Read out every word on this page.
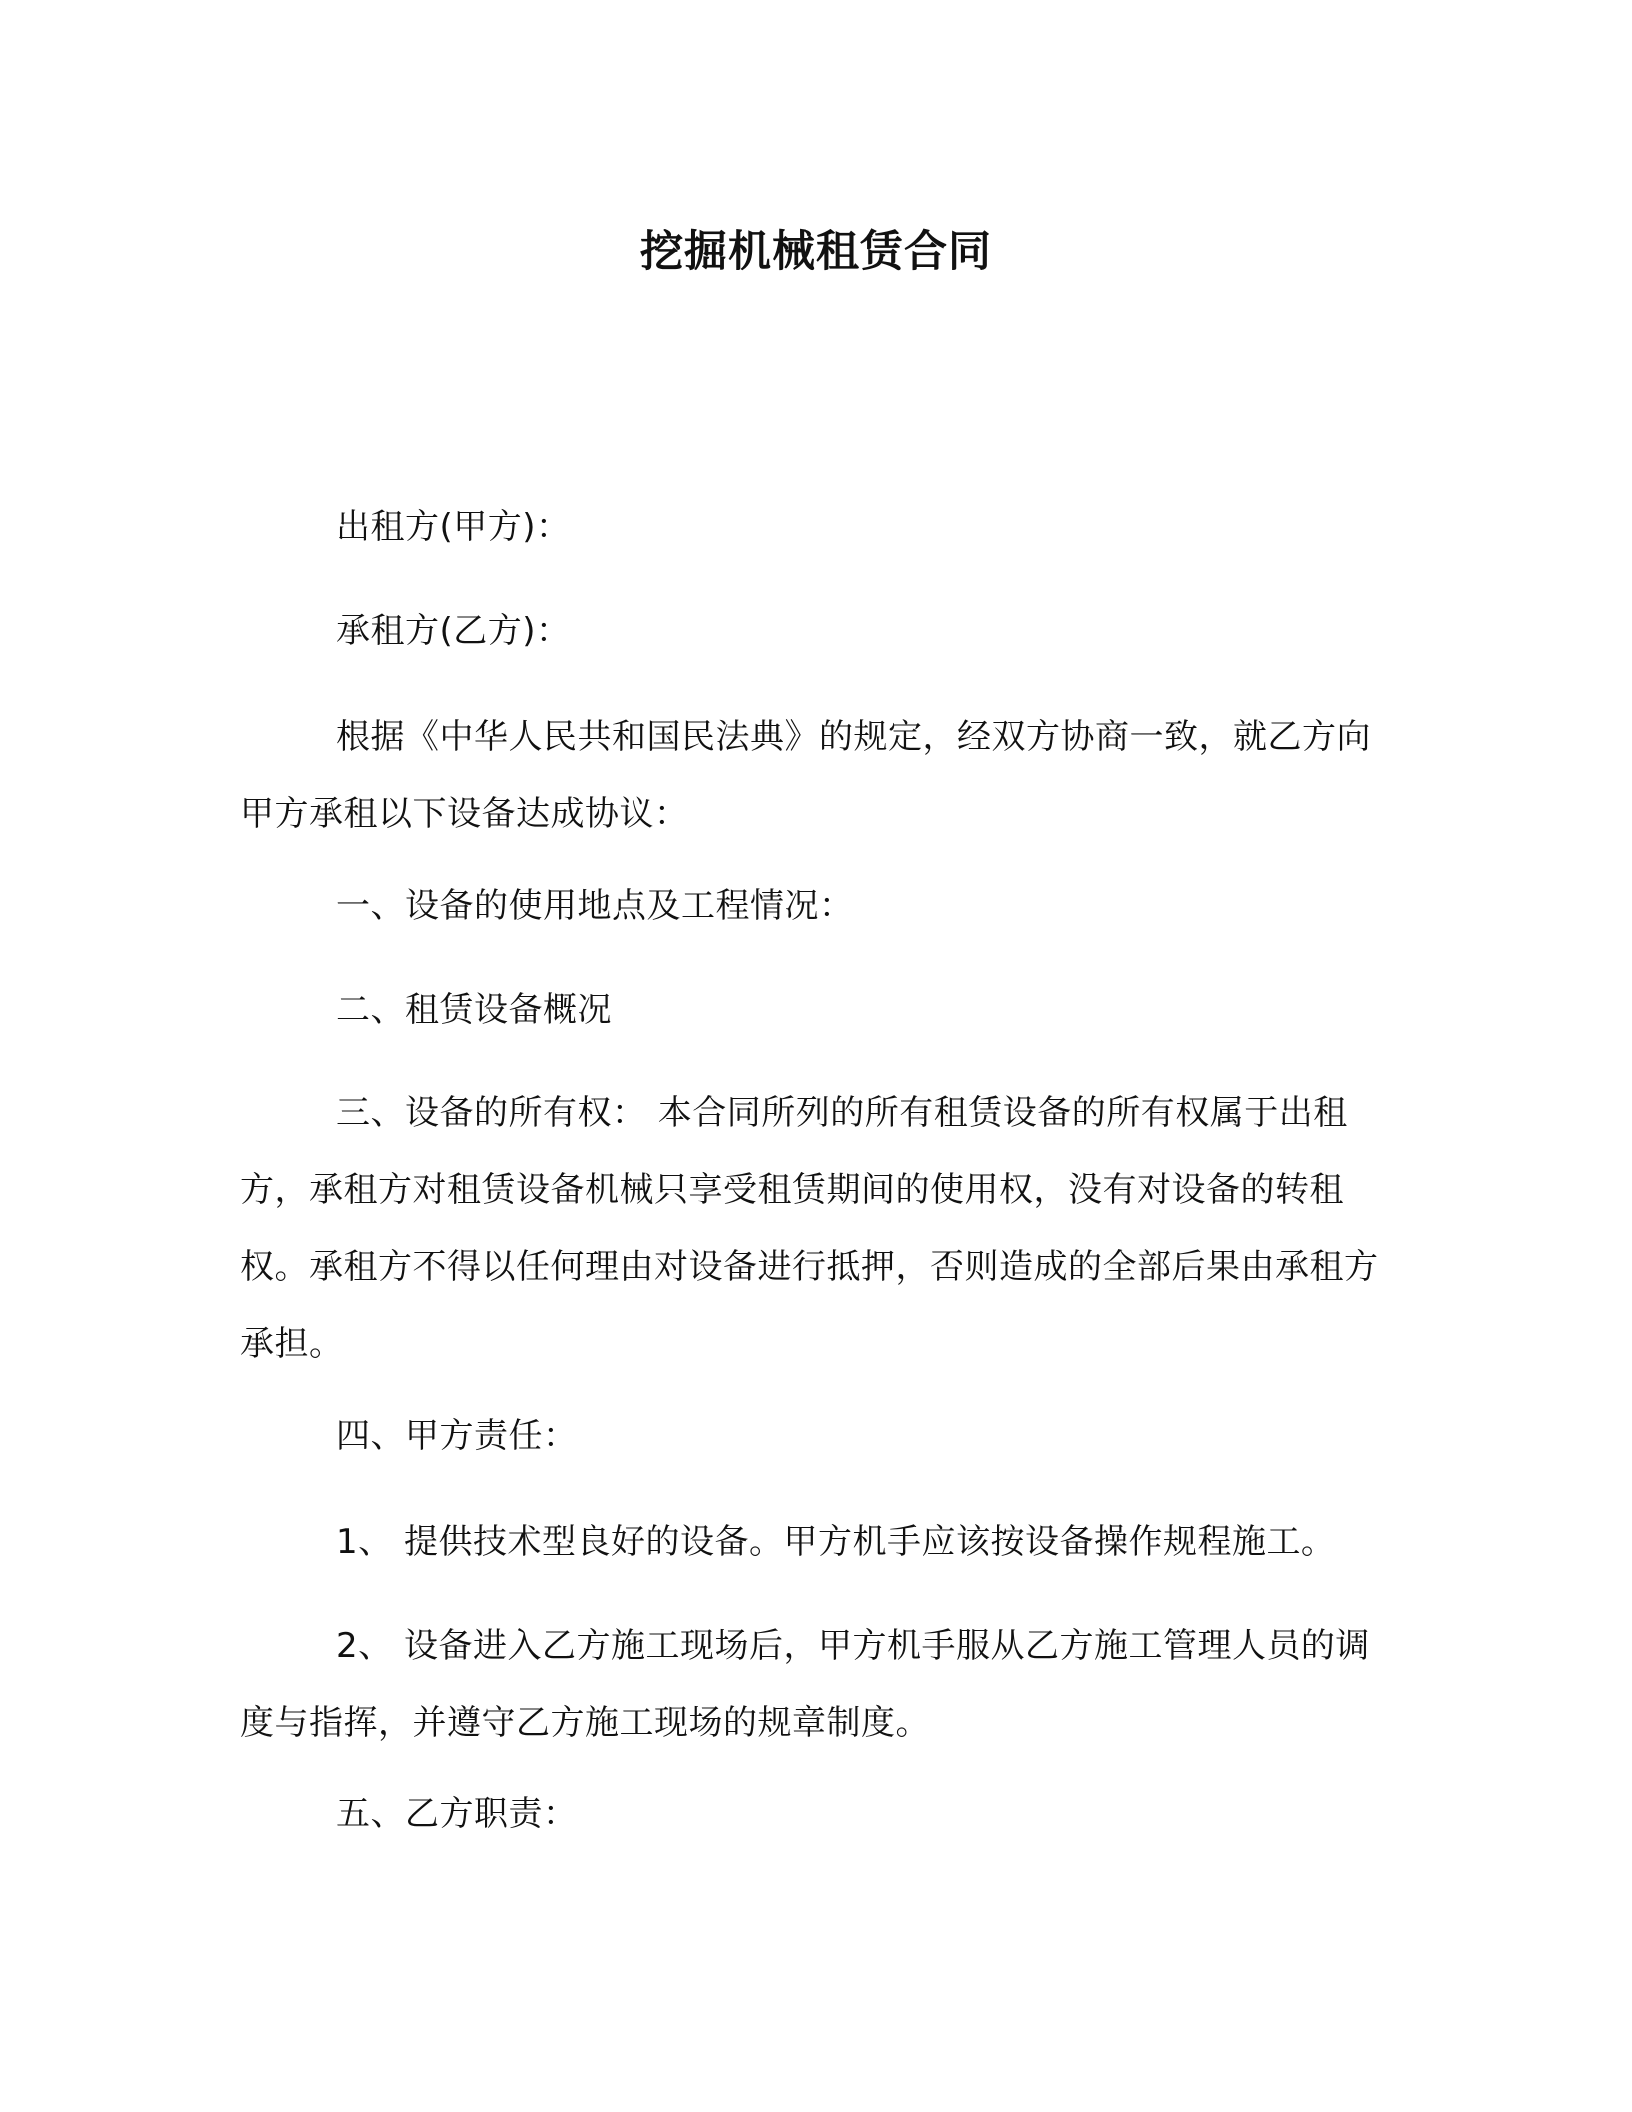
挖掘机械租赁合同

出租方(甲方)：

承租方(乙方)：

根据《中华人民共和国民法典》的规定，经双方协商一致，就乙方向甲方承租以下设备达成协议：

一、设备的使用地点及工程情况：

二、租赁设备概况

三、设备的所有权： 本合同所列的所有租赁设备的所有权属于出租方，承租方对租赁设备机械只享受租赁期间的使用权，没有对设备的转租权。承租方不得以任何理由对设备进行抵押，否则造成的全部后果由承租方承担。

四、甲方责任：

1、 提供技术型良好的设备。甲方机手应该按设备操作规程施工。

2、 设备进入乙方施工现场后，甲方机手服从乙方施工管理人员的调度与指挥，并遵守乙方施工现场的规章制度。

五、乙方职责：
